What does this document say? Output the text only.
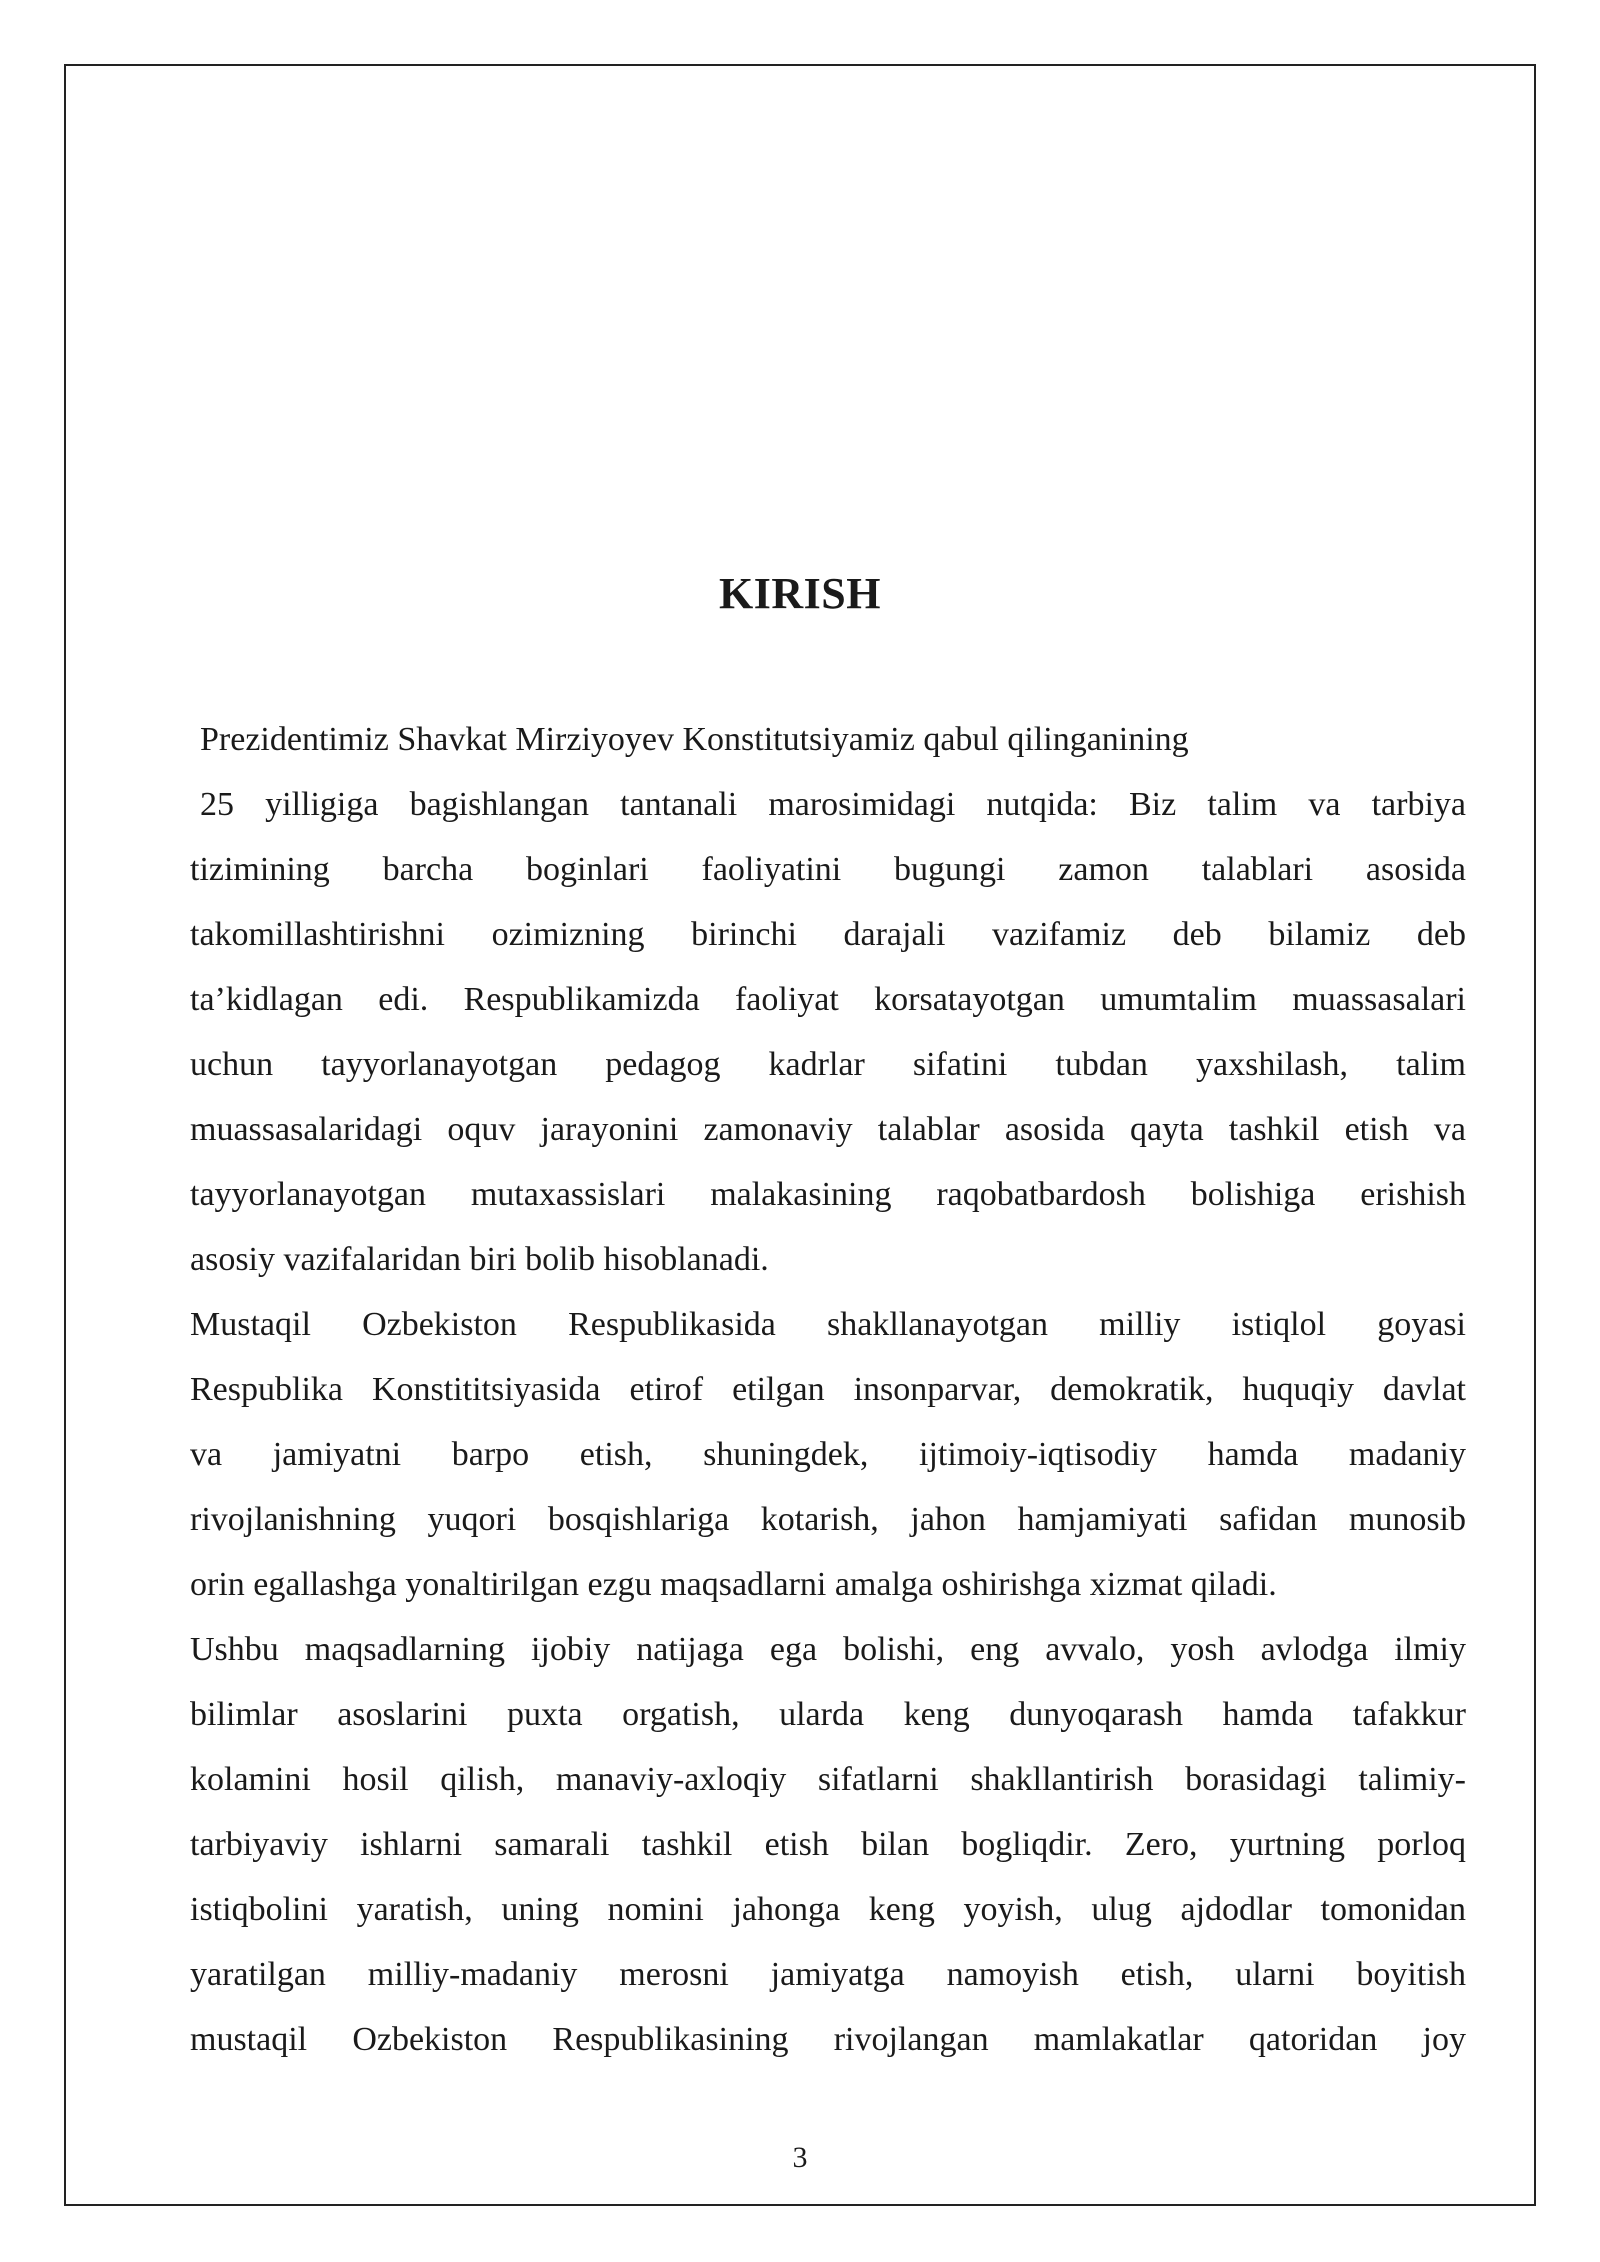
KIRISH
Prezidentimiz Shavkat Mirziyoyev Konstitutsiyamiz qabul qilinganining
25 yilligiga bagishlangan tantanali marosimidagi nutqida: Biz talim va tarbiya
tizimining barcha boginlari faoliyatini bugungi zamon talablari asosida
takomillashtirishni ozimizning birinchi darajali vazifamiz deb bilamiz deb
ta’kidlagan edi. Respublikamizda faoliyat korsatayotgan umumtalim muassasalari
uchun tayyorlanayotgan pedagog kadrlar sifatini tubdan yaxshilash, talim
muassasalaridagi oquv jarayonini zamonaviy talablar asosida qayta tashkil etish va
tayyorlanayotgan mutaxassislari malakasining raqobatbardosh bolishiga erishish
asosiy vazifalaridan biri bolib hisoblanadi.
Mustaqil Ozbekiston Respublikasida shakllanayotgan milliy istiqlol goyasi
Respublika Konstititsiyasida etirof etilgan insonparvar, demokratik, huquqiy davlat
va jamiyatni barpo etish, shuningdek, ijtimoiy-iqtisodiy hamda madaniy
rivojlanishning yuqori bosqishlariga kotarish, jahon hamjamiyati safidan munosib
orin egallashga yonaltirilgan ezgu maqsadlarni amalga oshirishga xizmat qiladi.
Ushbu maqsadlarning ijobiy natijaga ega bolishi, eng avvalo, yosh avlodga ilmiy
bilimlar asoslarini puxta orgatish, ularda keng dunyoqarash hamda tafakkur
kolamini hosil qilish, manaviy-axloqiy sifatlarni shakllantirish borasidagi talimiy-
tarbiyaviy ishlarni samarali tashkil etish bilan bogliqdir. Zero, yurtning porloq
istiqbolini yaratish, uning nomini jahonga keng yoyish, ulug ajdodlar tomonidan
yaratilgan milliy-madaniy merosni jamiyatga namoyish etish, ularni boyitish
mustaqil Ozbekiston Respublikasining rivojlangan mamlakatlar qatoridan joy
3
